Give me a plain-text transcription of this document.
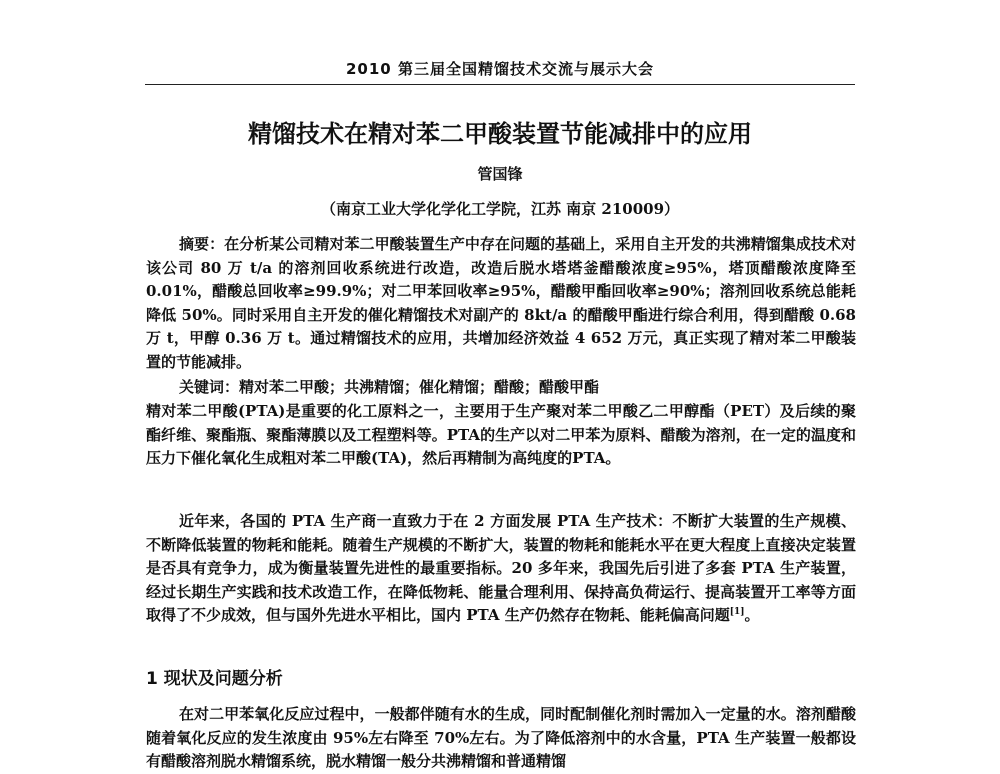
2010 第三届全国精馏技术交流与展示大会
精馏技术在精对苯二甲酸装置节能减排中的应用
管国锋
（南京工业大学化学化工学院，江苏 南京 210009）
摘要：在分析某公司精对苯二甲酸装置生产中存在问题的基础上，采用自主开发的共沸精馏集成技术对该公司 80 万 t/a 的溶剂回收系统进行改造，改造后脱水塔塔釜醋酸浓度≥95%，塔顶醋酸浓度降至 0.01%，醋酸总回收率≥99.9%；对二甲苯回收率≥95%，醋酸甲酯回收率≥90%；溶剂回收系统总能耗降低 50%。同时采用自主开发的催化精馏技术对副产的 8kt/a 的醋酸甲酯进行综合利用，得到醋酸 0.68 万 t，甲醇 0.36 万 t。通过精馏技术的应用，共增加经济效益 4 652 万元，真正实现了精对苯二甲酸装置的节能减排。
关键词：精对苯二甲酸；共沸精馏；催化精馏；醋酸；醋酸甲酯
精对苯二甲酸(PTA)是重要的化工原料之一，主要用于生产聚对苯二甲酸乙二甲醇酯（PET）及后续的聚酯纤维、聚酯瓶、聚酯薄膜以及工程塑料等。PTA的生产以对二甲苯为原料、醋酸为溶剂，在一定的温度和压力下催化氧化生成粗对苯二甲酸(TA)，然后再精制为高纯度的PTA。
近年来，各国的 PTA 生产商一直致力于在 2 方面发展 PTA 生产技术：不断扩大装置的生产规模、不断降低装置的物耗和能耗。随着生产规模的不断扩大，装置的物耗和能耗水平在更大程度上直接决定装置是否具有竞争力，成为衡量装置先进性的最重要指标。20 多年来，我国先后引进了多套 PTA 生产装置，经过长期生产实践和技术改造工作，在降低物耗、能量合理利用、保持高负荷运行、提高装置开工率等方面取得了不少成效，但与国外先进水平相比，国内 PTA 生产仍然存在物耗、能耗偏高问题[1]。
1 现状及问题分析
在对二甲苯氧化反应过程中，一般都伴随有水的生成，同时配制催化剂时需加入一定量的水。溶剂醋酸随着氧化反应的发生浓度由 95%左右降至 70%左右。为了降低溶剂中的水含量，PTA 生产装置一般都设有醋酸溶剂脱水精馏系统，脱水精馏一般分共沸精馏和普通精馏
